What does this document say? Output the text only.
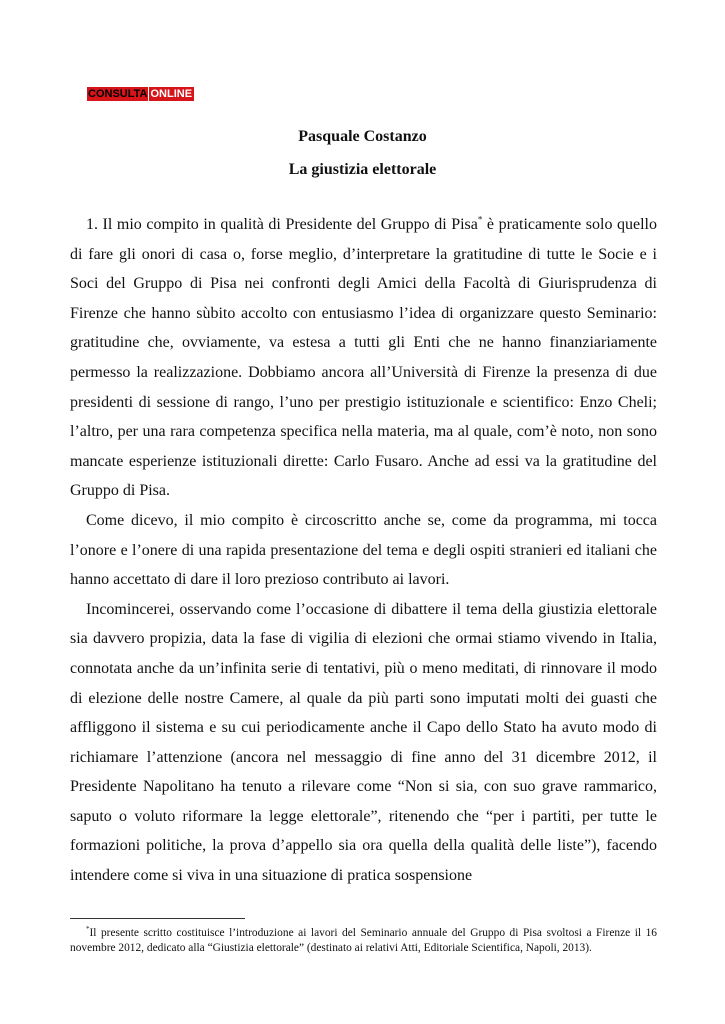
CONSULTA ONLINE
Pasquale Costanzo
La giustizia elettorale

1. Il mio compito in qualità di Presidente del Gruppo di Pisa* è praticamente solo quello di fare gli onori di casa o, forse meglio, d’interpretare la gratitudine di tutte le Socie e i Soci del Gruppo di Pisa nei confronti degli Amici della Facoltà di Giurisprudenza di Firenze che hanno sùbito accolto con entusiasmo l’idea di organizzare questo Seminario: gratitudine che, ovviamente, va estesa a tutti gli Enti che ne hanno finanziariamente permesso la realizzazione. Dobbiamo ancora all’Università di Firenze la presenza di due presidenti di sessione di rango, l’uno per prestigio istituzionale e scientifico: Enzo Cheli; l’altro, per una rara competenza specifica nella materia, ma al quale, com’è noto, non sono mancate esperienze istituzionali dirette: Carlo Fusaro. Anche ad essi va la gratitudine del Gruppo di Pisa.

Come dicevo, il mio compito è circoscritto anche se, come da programma, mi tocca l’onore e l’onere di una rapida presentazione del tema e degli ospiti stranieri ed italiani che hanno accettato di dare il loro prezioso contributo ai lavori.

Incomincerei, osservando come l’occasione di dibattere il tema della giustizia elettorale sia davvero propizia, data la fase di vigilia di elezioni che ormai stiamo vivendo in Italia, connotata anche da un’infinita serie di tentativi, più o meno meditati, di rinnovare il modo di elezione delle nostre Camere, al quale da più parti sono imputati molti dei guasti che affliggono il sistema e su cui periodicamente anche il Capo dello Stato ha avuto modo di richiamare l’attenzione (ancora nel messaggio di fine anno del 31 dicembre 2012, il Presidente Napolitano ha tenuto a rilevare come “Non si sia, con suo grave rammarico, saputo o voluto riformare la legge elettorale”, ritenendo che “per i partiti, per tutte le formazioni politiche, la prova d’appello sia ora quella della qualità delle liste”), facendo intendere come si viva in una situazione di pratica sospensione

*Il presente scritto costituisce l’introduzione ai lavori del Seminario annuale del Gruppo di Pisa svoltosi a Firenze il 16 novembre 2012, dedicato alla “Giustizia elettorale” (destinato ai relativi Atti, Editoriale Scientifica, Napoli, 2013).
